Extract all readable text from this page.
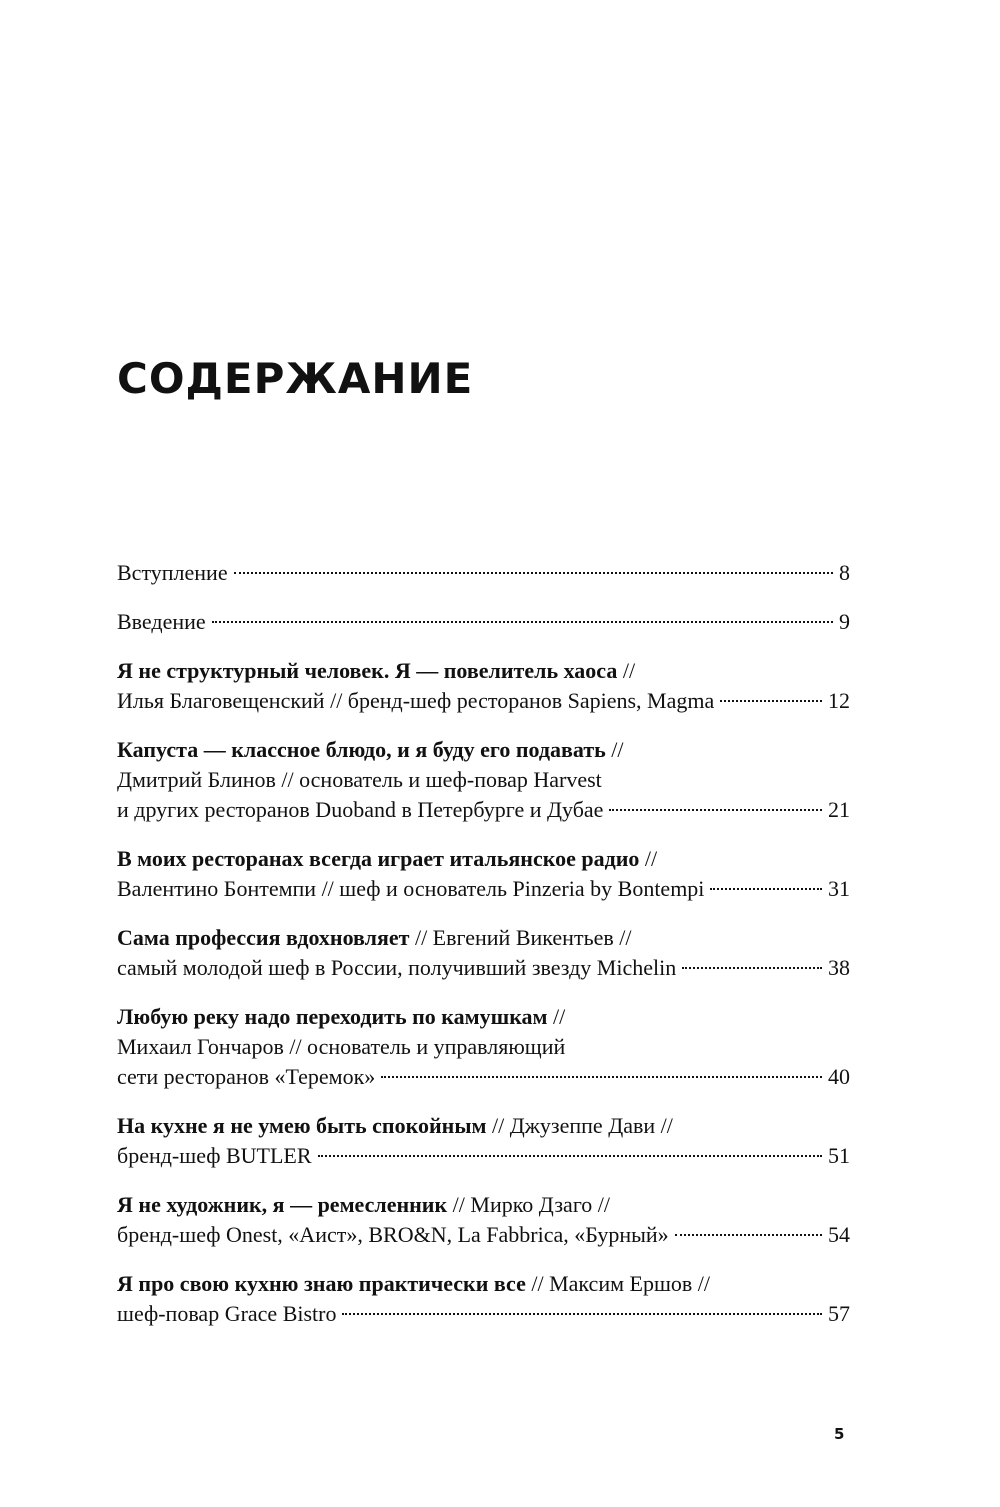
СОДЕРЖАНИЕ
Вступление	8
Введение	9
Я не структурный человек. Я — повелитель хаоса //
Илья Благовещенский // бренд-шеф ресторанов Sapiens, Magma	12
Капуста — классное блюдо, и я буду его подавать //
Дмитрий Блинов // основатель и шеф-повар Harvest
и других ресторанов Duoband в Петербурге и Дубае	21
В моих ресторанах всегда играет итальянское радио //
Валентино Бонтемпи // шеф и основатель Pinzeria by Bontempi	31
Сама профессия вдохновляет // Евгений Викентьев //
самый молодой шеф в России, получивший звезду Michelin	38
Любую реку надо переходить по камушкам //
Михаил Гончаров // основатель и управляющий
сети ресторанов «Теремок»	40
На кухне я не умею быть спокойным // Джузеппе Дави //
бренд-шеф BUTLER	51
Я не художник, я — ремесленник // Мирко Дзаго //
бренд-шеф Onest, «Аист», BRO&N, La Fabbrica, «Бурный»	54
Я про свою кухню знаю практически все // Максим Ершов //
шеф-повар Grace Bistro	57
5
